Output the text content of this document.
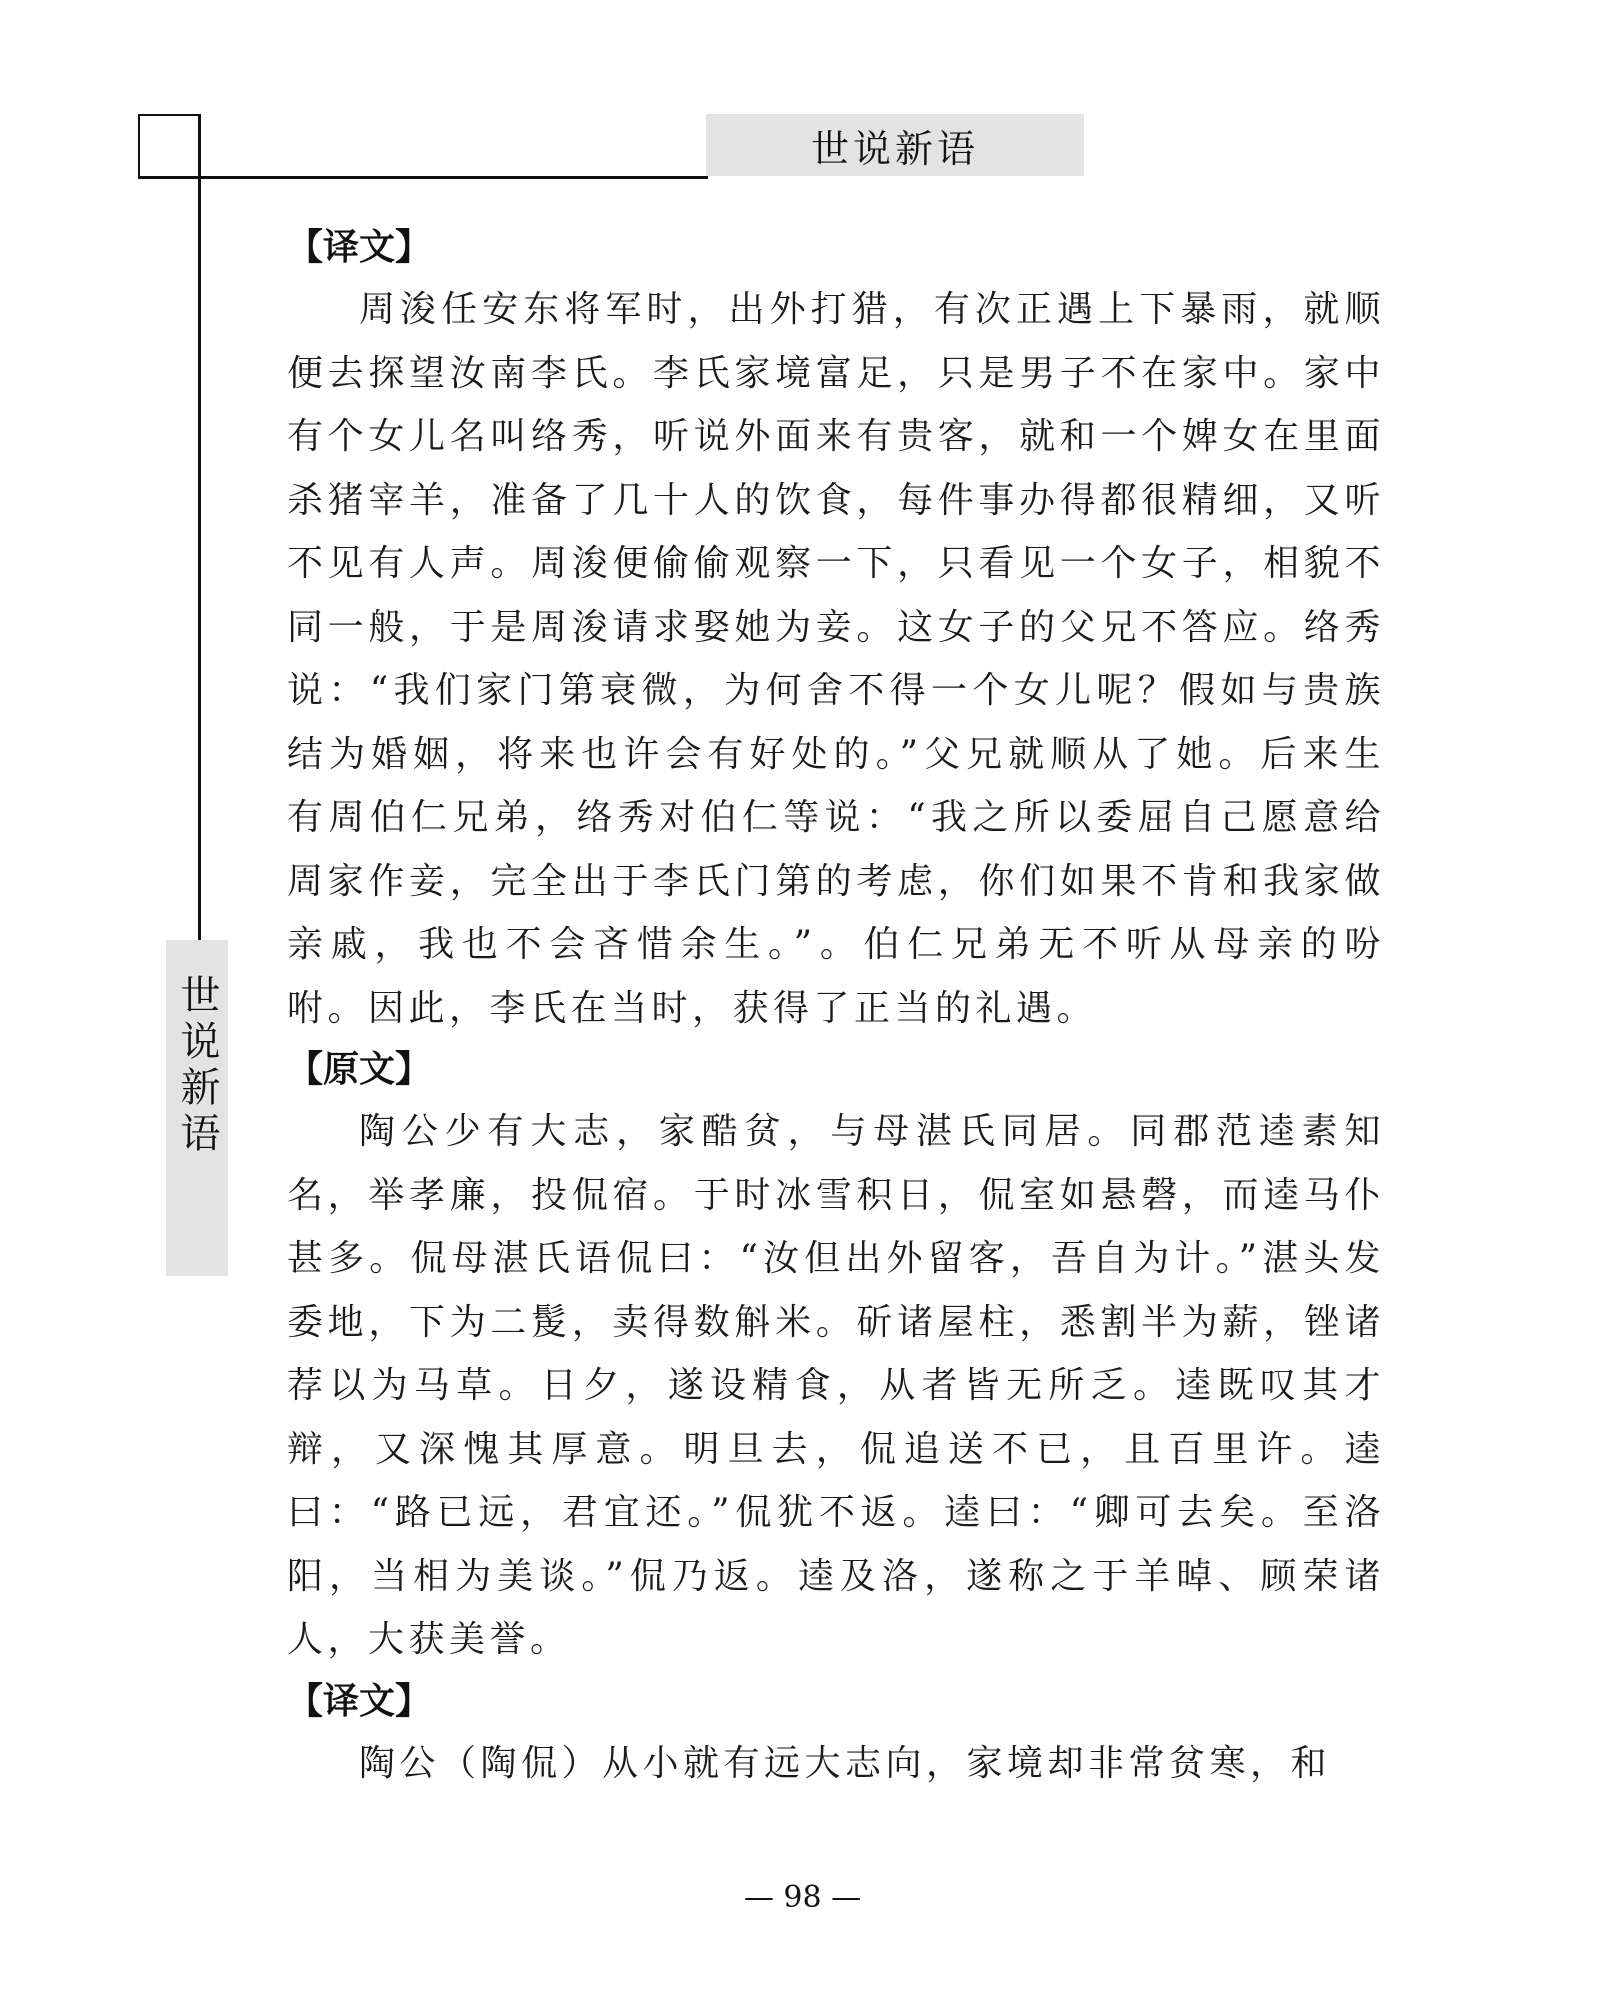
世说新语
世说新语

【译文】

周浚任安东将军时，出外打猎，有次正遇上下暴雨，就顺便去探望汝南李氏。李氏家境富足，只是男子不在家中。家中有个女儿名叫络秀，听说外面来有贵客，就和一个婢女在里面杀猪宰羊，准备了几十人的饮食，每件事办得都很精细，又听不见有人声。周浚便偷偷观察一下，只看见一个女子，相貌不同一般，于是周浚请求娶她为妾。这女子的父兄不答应。络秀说：“我们家门第衰微，为何舍不得一个女儿呢？假如与贵族结为婚姻，将来也许会有好处的。”父兄就顺从了她。后来生有周伯仁兄弟，络秀对伯仁等说：“我之所以委屈自己愿意给周家作妾，完全出于李氏门第的考虑，你们如果不肯和我家做亲戚，我也不会吝惜余生。”。伯仁兄弟无不听从母亲的吩咐。因此，李氏在当时，获得了正当的礼遇。

【原文】

陶公少有大志，家酷贫，与母湛氏同居。同郡范逵素知名，举孝廉，投侃宿。于时冰雪积日，侃室如悬磬，而逵马仆甚多。侃母湛氏语侃曰：“汝但出外留客，吾自为计。”湛头发委地，下为二髲，卖得数斛米。斫诸屋柱，悉割半为薪，锉诸荐以为马草。日夕，遂设精食，从者皆无所乏。逵既叹其才辩，又深愧其厚意。明旦去，侃追送不已，且百里许。逵曰：“路已远，君宜还。”侃犹不返。逵曰：“卿可去矣。至洛阳，当相为美谈。”侃乃返。逵及洛，遂称之于羊晫、顾荣诸人，大获美誉。

【译文】

陶公（陶侃）从小就有远大志向，家境却非常贫寒，和

— 98 —
